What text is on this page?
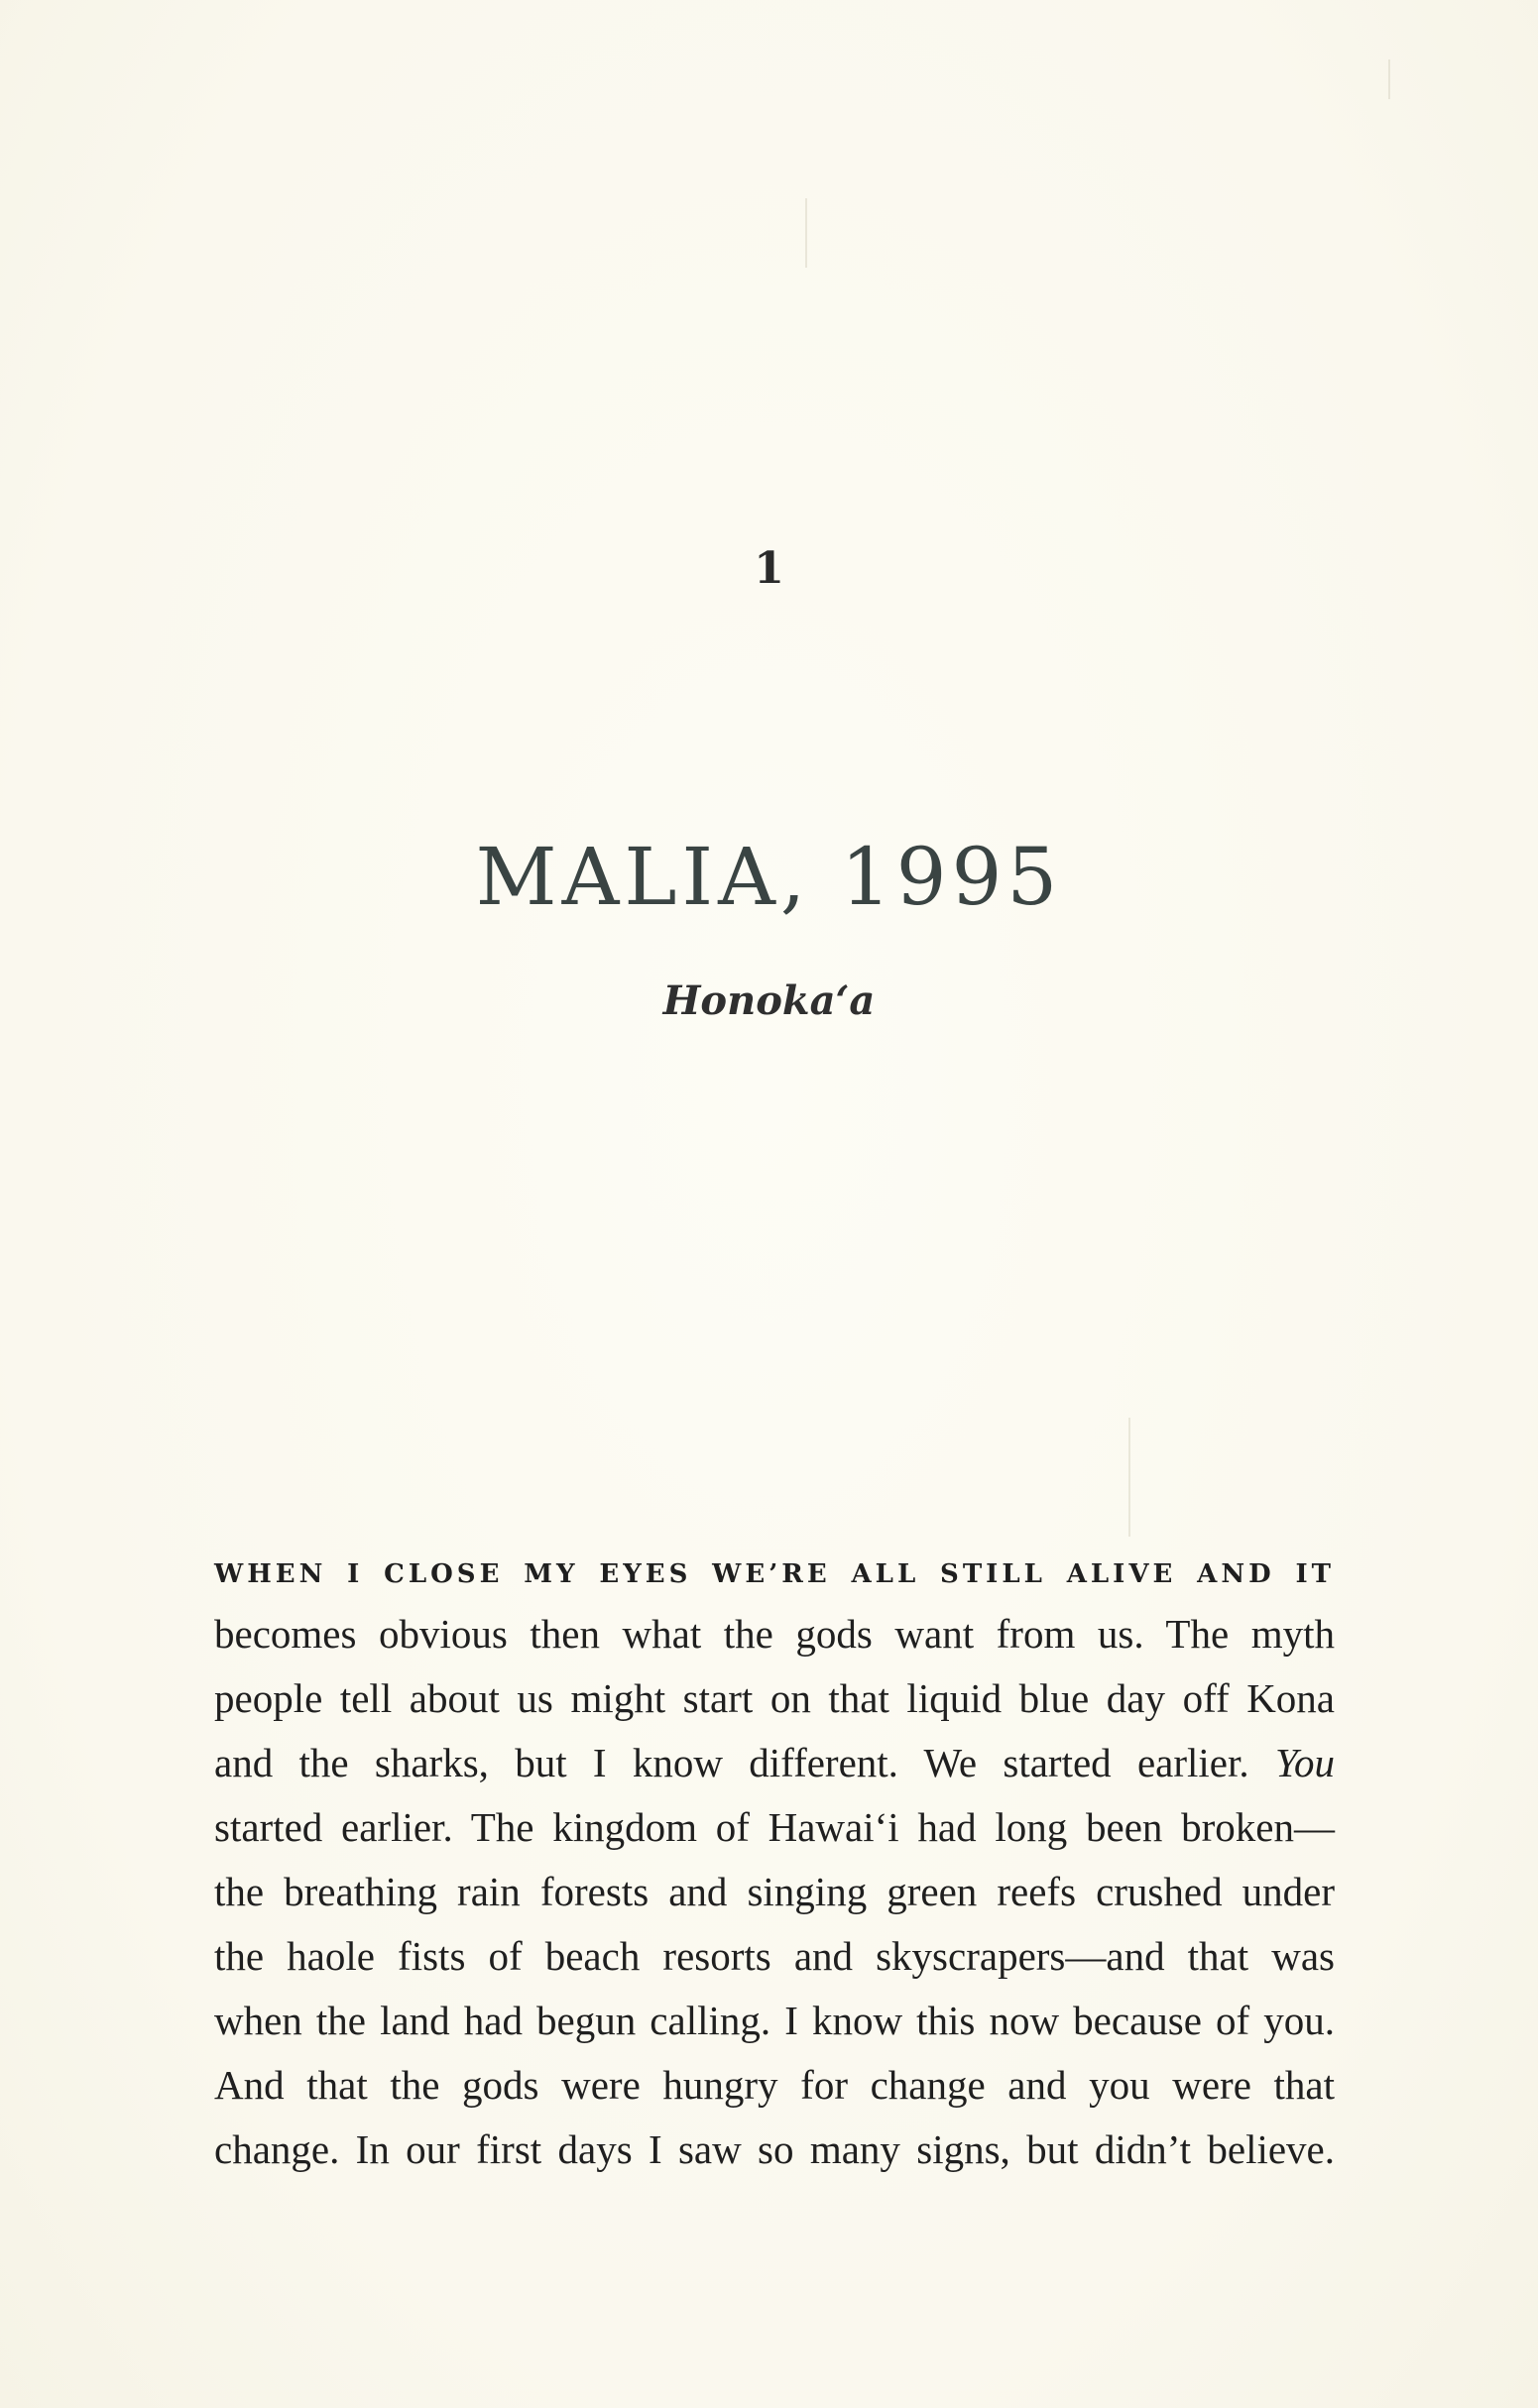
1
MALIA, 1995
Honoka‘a
WHEN I CLOSE MY EYES WE’RE ALL STILL ALIVE AND IT
becomes obvious then what the gods want from us. The myth
people tell about us might start on that liquid blue day off Kona
and the sharks, but I know different. We started earlier. You
started earlier. The kingdom of Hawai‘i had long been broken—
the breathing rain forests and singing green reefs crushed under
the haole fists of beach resorts and skyscrapers—and that was
when the land had begun calling. I know this now because of you.
And that the gods were hungry for change and you were that
change. In our first days I saw so many signs, but didn’t believe.
